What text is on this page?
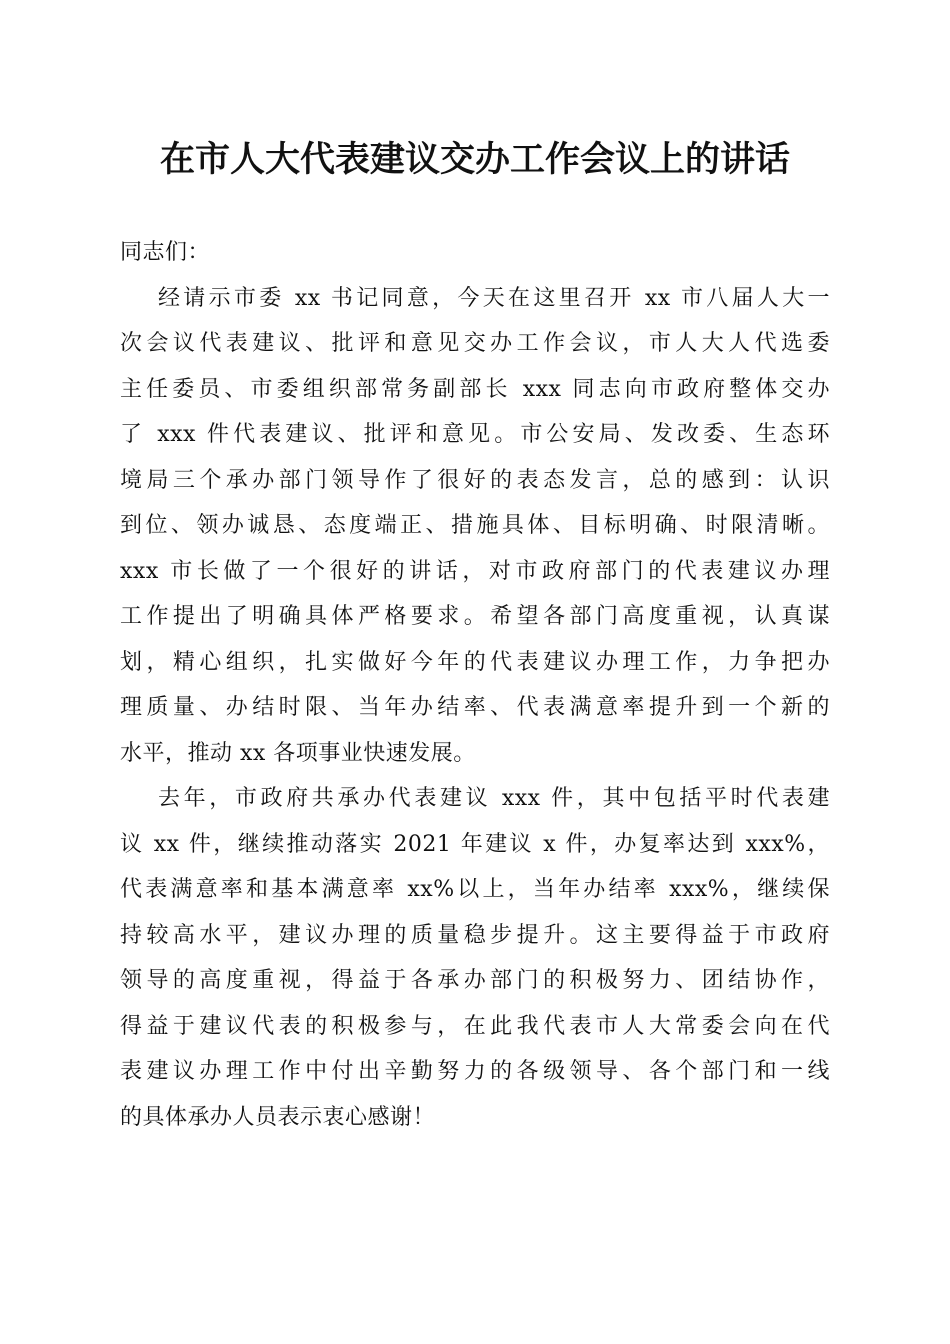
在市人大代表建议交办工作会议上的讲话
同志们：
经请示市委 xx 书记同意，今天在这里召开 xx 市八届人大一
次会议代表建议、批评和意见交办工作会议，市人大人代选委
主任委员、市委组织部常务副部长 xxx 同志向市政府整体交办
了 xxx 件代表建议、批评和意见。市公安局、发改委、生态环
境局三个承办部门领导作了很好的表态发言，总的感到：认识
到位、领办诚恳、态度端正、措施具体、目标明确、时限清晰。
xxx 市长做了一个很好的讲话，对市政府部门的代表建议办理
工作提出了明确具体严格要求。希望各部门高度重视，认真谋
划，精心组织，扎实做好今年的代表建议办理工作，力争把办
理质量、办结时限、当年办结率、代表满意率提升到一个新的
水平，推动 xx 各项事业快速发展。
去年，市政府共承办代表建议 xxx 件，其中包括平时代表建
议 xx 件，继续推动落实 2021 年建议 x 件，办复率达到 xxx%，
代表满意率和基本满意率 xx%以上，当年办结率 xxx%，继续保
持较高水平，建议办理的质量稳步提升。这主要得益于市政府
领导的高度重视，得益于各承办部门的积极努力、团结协作，
得益于建议代表的积极参与，在此我代表市人大常委会向在代
表建议办理工作中付出辛勤努力的各级领导、各个部门和一线
的具体承办人员表示衷心感谢！
